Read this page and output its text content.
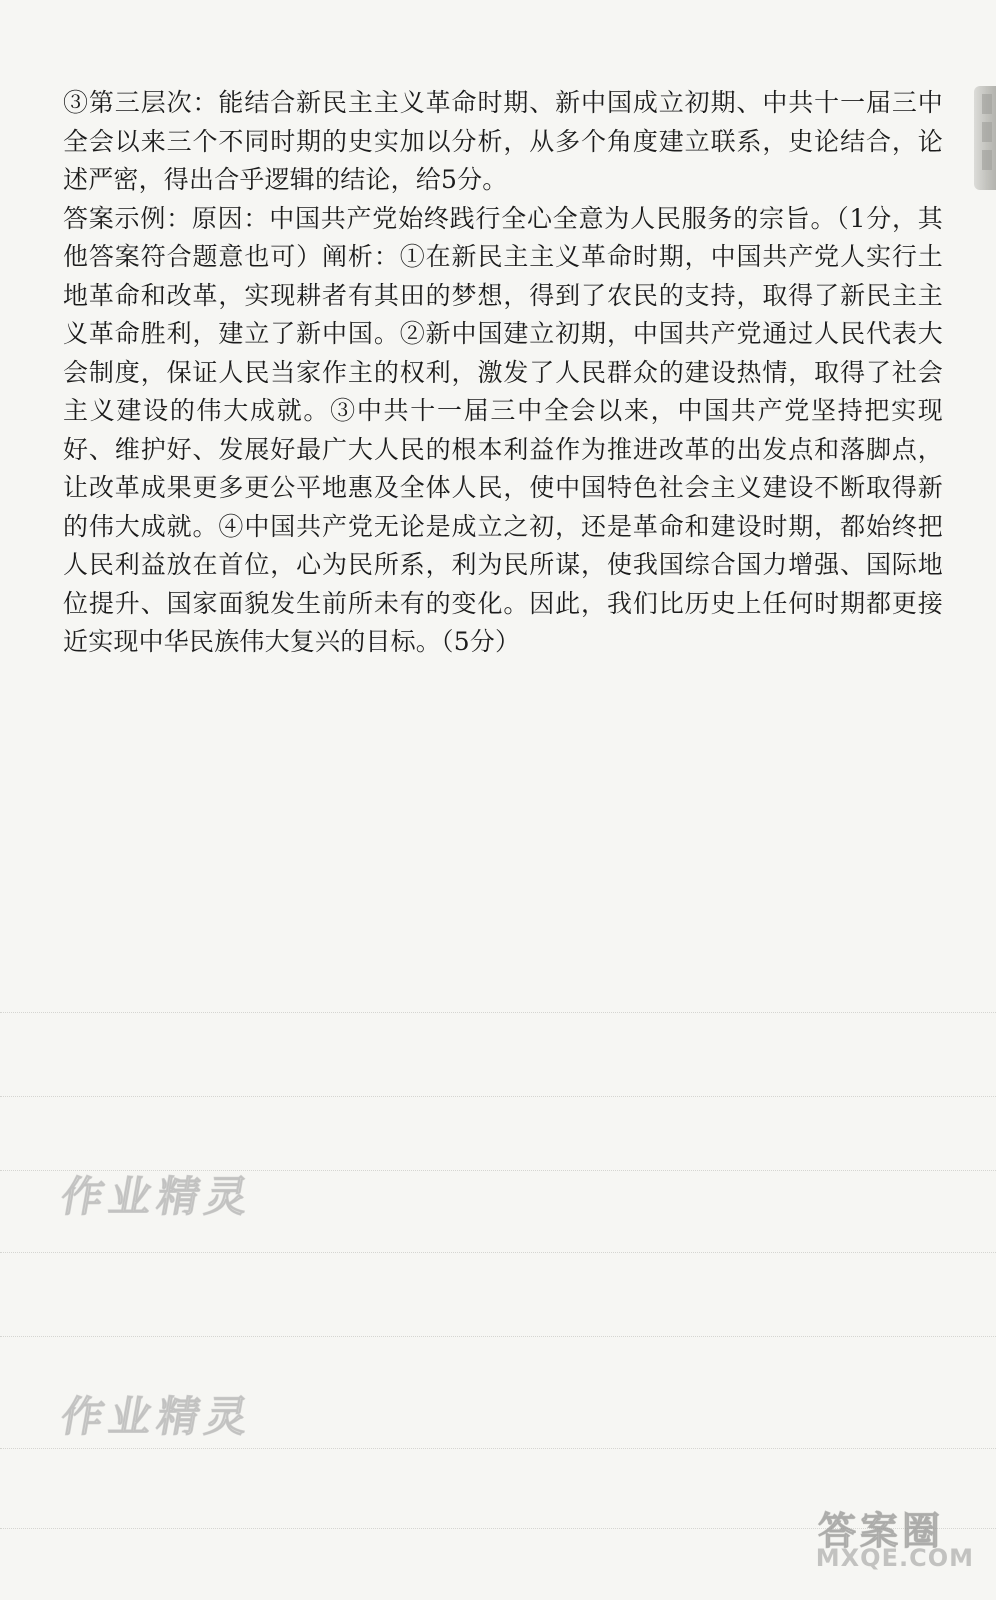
③第三层次：能结合新民主主义革命时期、新中国成立初期、中共十一届三中全会以来三个不同时期的史实加以分析，从多个角度建立联系，史论结合，论述严密，得出合乎逻辑的结论，给5分。

答案示例：原因：中国共产党始终践行全心全意为人民服务的宗旨。（1分，其他答案符合题意也可）阐析：①在新民主主义革命时期，中国共产党人实行土地革命和改革，实现耕者有其田的梦想，得到了农民的支持，取得了新民主主义革命胜利，建立了新中国。②新中国建立初期，中国共产党通过人民代表大会制度，保证人民当家作主的权利，激发了人民群众的建设热情，取得了社会主义建设的伟大成就。③中共十一届三中全会以来，中国共产党坚持把实现好、维护好、发展好最广大人民的根本利益作为推进改革的出发点和落脚点，让改革成果更多更公平地惠及全体人民，使中国特色社会主义建设不断取得新的伟大成就。④中国共产党无论是成立之初，还是革命和建设时期，都始终把人民利益放在首位，心为民所系，利为民所谋，使我国综合国力增强、国际地位提升、国家面貌发生前所未有的变化。因此，我们比历史上任何时期都更接近实现中华民族伟大复兴的目标。（5分）

作业精灵
作业精灵
答案圈
MXQE.COM
